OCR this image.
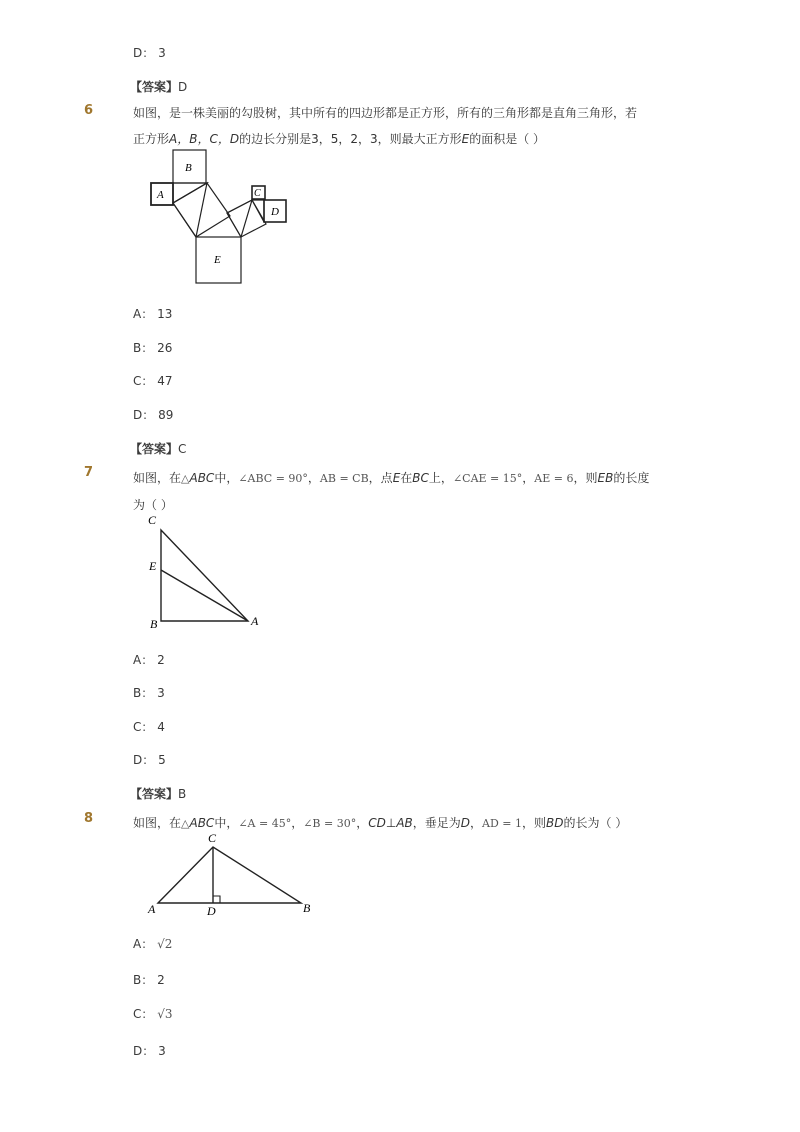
D： 3
【答案】D
6	如图，是一株美丽的勾股树，其中所有的四边形都是正方形，所有的三角形都是直角三角形，若
正方形A，B，C，D的边长分别是3，5，2，3，则最大正方形E的面积是（ ）
A
B
C
D
E
A： 13
B： 26
C： 47
D： 89
【答案】C
7	如图，在△ABC中，∠ABC = 90°，AB = CB，点E在BC上，∠CAE = 15°，AE = 6，则EB的长度
为（ ）
C
E
B	A
A： 2
B： 3
C： 4
D： 5
【答案】B
8	如图，在△ABC中，∠A = 45°，∠B = 30°，CD⊥AB，垂足为D，AD = 1，则BD的长为（ ）
C
A	D	B
A： √2
B： 2
C： √3
D： 3
